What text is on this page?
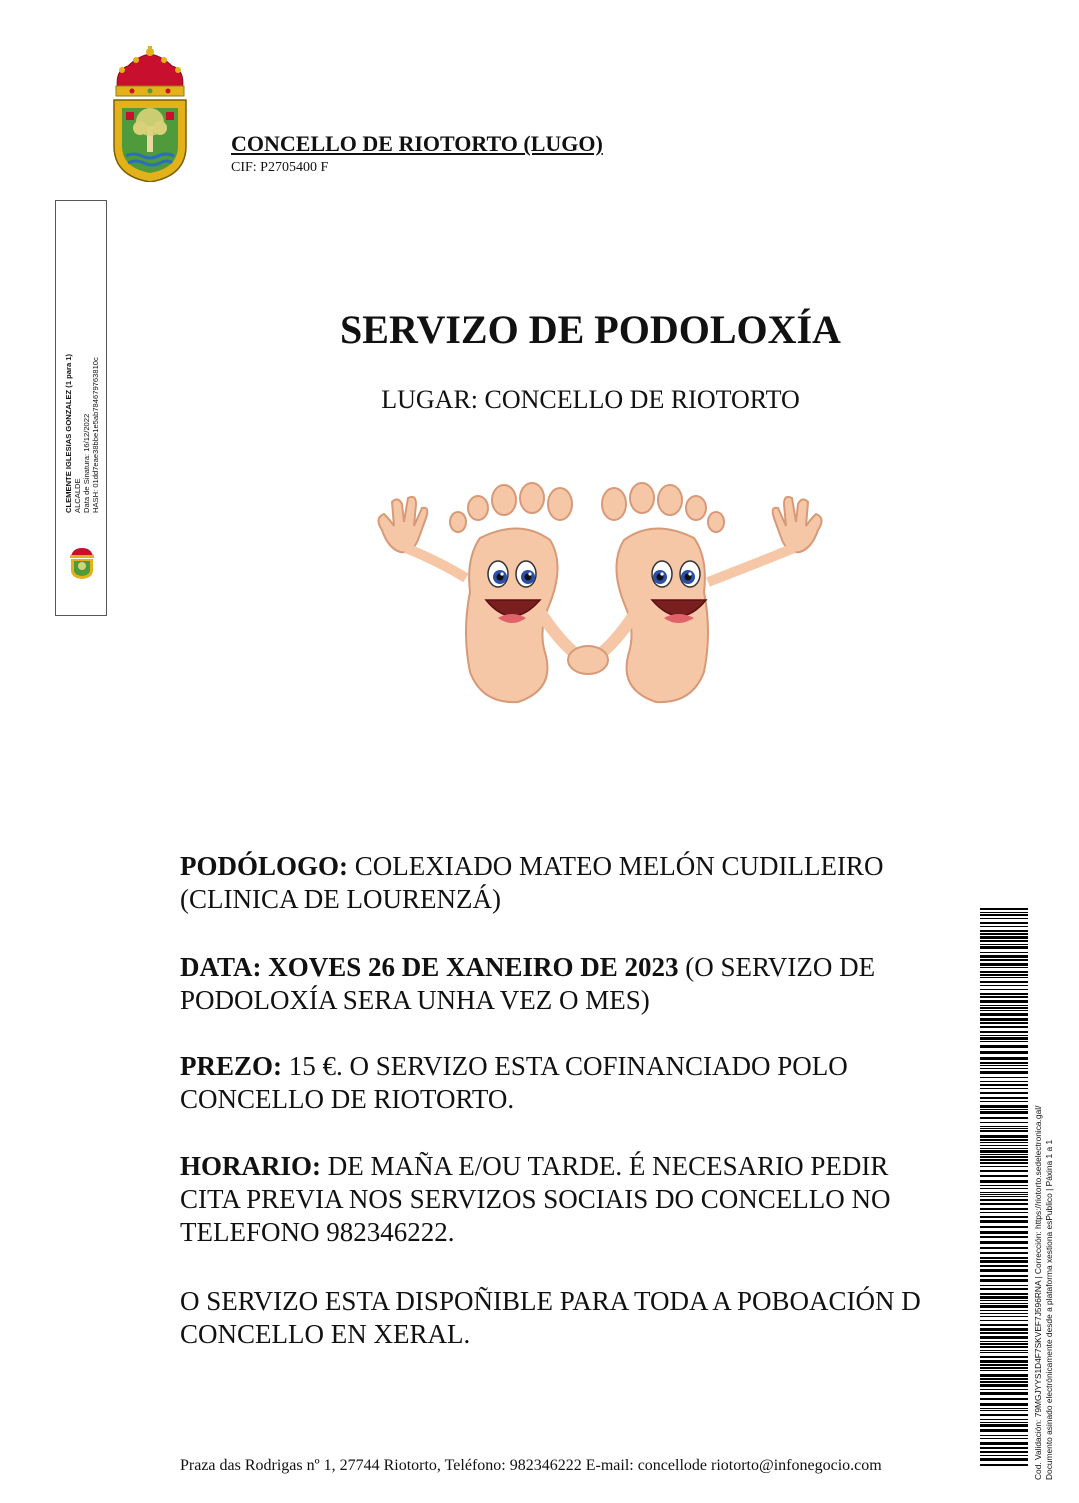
CONCELLO DE RIOTORTO (LUGO)
CIF: P2705400 F
CLEMENTE IGLESIAS GONZALEZ (1 para 1) ALCALDE Data de Sinatura: 16/12/2022 HASH: 01dd7eae38bbe1e5ab784679763810c
SERVIZO DE PODOLOXÍA
LUGAR: CONCELLO DE RIOTORTO
PODÓLOGO: COLEXIADO MATEO MELÓN CUDILLEIRO
(CLINICA DE LOURENZÁ)
DATA: XOVES 26 DE XANEIRO DE 2023 (O SERVIZO DE
PODOLOXÍA SERA UNHA VEZ O MES)
PREZO: 15 €. O SERVIZO ESTA COFINANCIADO POLO
CONCELLO DE RIOTORTO.
HORARIO: DE MAÑA E/OU TARDE. É NECESARIO PEDIR
CITA PREVIA NOS SERVIZOS SOCIAIS DO CONCELLO NO
TELEFONO 982346222.
O SERVIZO ESTA DISPOÑIBLE PARA TODA A POBOACIÓN D
CONCELLO EN XERAL.	Cod. Validación: 79MGJYYS1D4F7SKVEF7J596RNA | Corrección: https://riotorto.sedelectronica.gal/ Documento asinado electrónicamente desde a plataforma xestiona esPublico | Páxina 1 a 1
Praza das Rodrigas nº 1, 27744 Riotorto, Teléfono: 982346222 E-mail: concellode riotorto@infonegocio.com
